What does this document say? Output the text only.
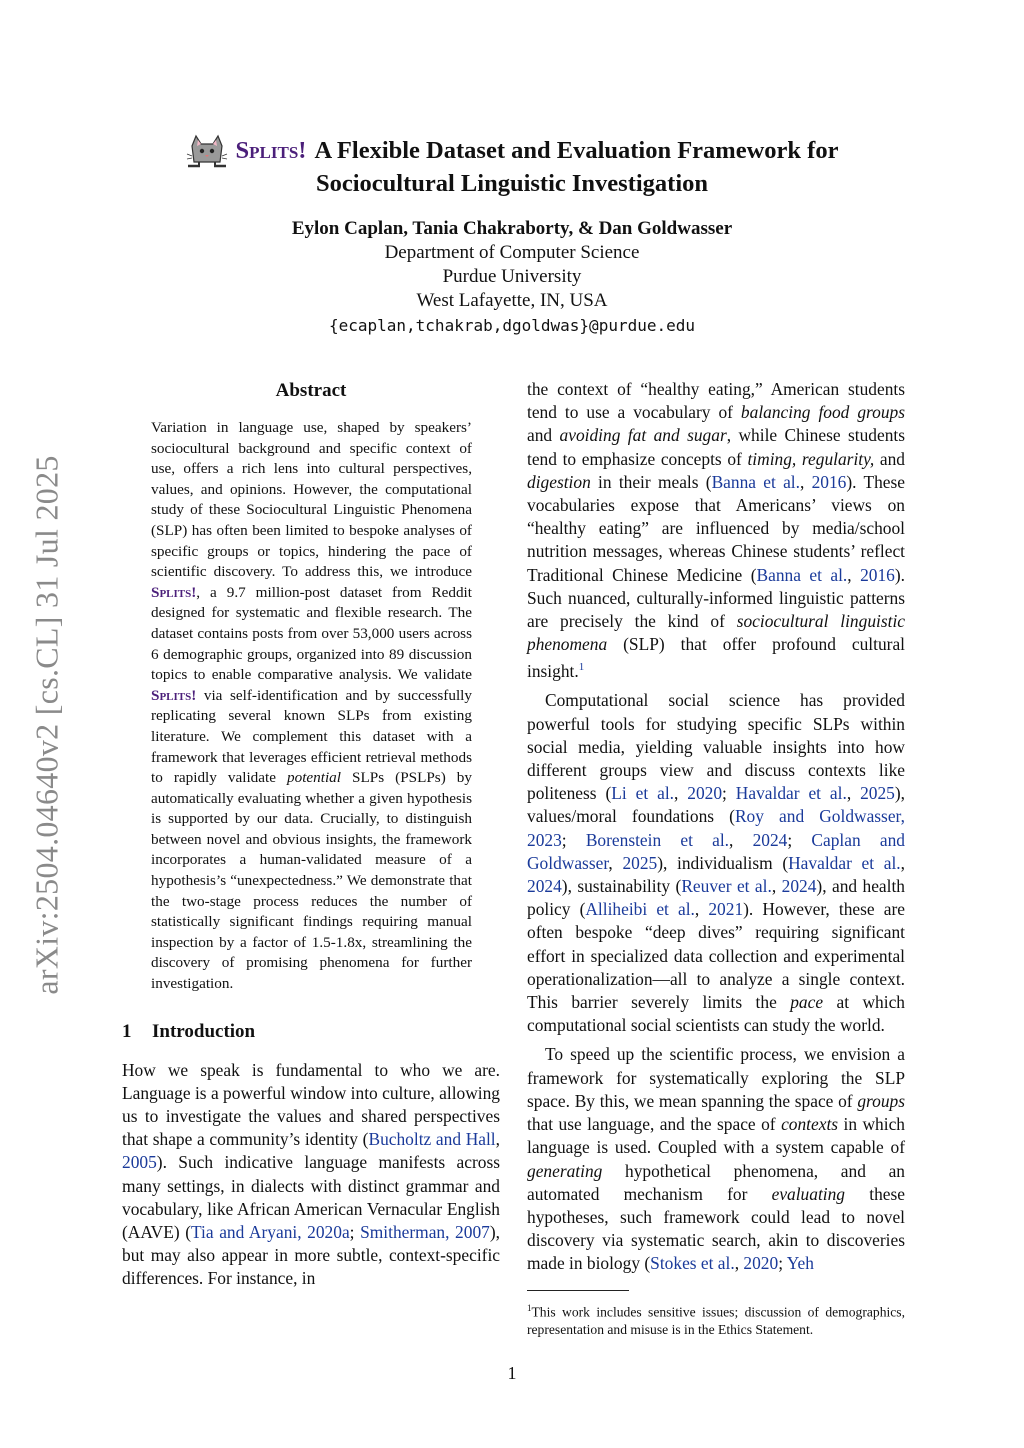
arXiv:2504.04640v2 [cs.CL] 31 Jul 2025
Splits! A Flexible Dataset and Evaluation Framework for
Sociocultural Linguistic Investigation
Eylon Caplan, Tania Chakraborty, & Dan Goldwasser
Department of Computer Science
Purdue University
West Lafayette, IN, USA
{ecaplan,tchakrab,dgoldwas}@purdue.edu
Abstract
Variation in language use, shaped by speakers’ sociocultural background and specific context of use, offers a rich lens into cultural perspectives, values, and opinions. However, the computational study of these Sociocultural Linguistic Phenomena (SLP) has often been limited to bespoke analyses of specific groups or topics, hindering the pace of scientific discovery. To address this, we introduce Splits!, a 9.7 million-post dataset from Reddit designed for systematic and flexible research. The dataset contains posts from over 53,000 users across 6 demographic groups, organized into 89 discussion topics to enable comparative analysis. We validate Splits! via self-identification and by successfully replicating several known SLPs from existing literature. We complement this dataset with a framework that leverages efficient retrieval methods to rapidly validate potential SLPs (PSLPs) by automatically evaluating whether a given hypothesis is supported by our data. Crucially, to distinguish between novel and obvious insights, the framework incorporates a human-validated measure of a hypothesis’s “unexpectedness.” We demonstrate that the two-stage process reduces the number of statistically significant findings requiring manual inspection by a factor of 1.5-1.8x, streamlining the discovery of promising phenomena for further investigation.
1 Introduction

How we speak is fundamental to who we are. Language is a powerful window into culture, allowing us to investigate the values and shared perspectives that shape a community’s identity (Bucholtz and Hall, 2005). Such indicative language manifests across many settings, in dialects with distinct grammar and vocabulary, like African American Vernacular English (AAVE) (Tia and Aryani, 2020a; Smitherman, 2007), but may also appear in more subtle, context-specific differences. For instance, in

the context of “healthy eating,” American students tend to use a vocabulary of balancing food groups and avoiding fat and sugar, while Chinese students tend to emphasize concepts of timing, regularity, and digestion in their meals (Banna et al., 2016). These vocabularies expose that Americans’ views on “healthy eating” are influenced by media/school nutrition messages, whereas Chinese students’ reflect Traditional Chinese Medicine (Banna et al., 2016). Such nuanced, culturally-informed linguistic patterns are precisely the kind of sociocultural linguistic phenomena (SLP) that offer profound cultural insight.$^1$

Computational social science has provided powerful tools for studying specific SLPs within social media, yielding valuable insights into how different groups view and discuss contexts like politeness (Li et al., 2020; Havaldar et al., 2025), values/moral foundations (Roy and Goldwasser, 2023; Borenstein et al., 2024; Caplan and Goldwasser, 2025), individualism (Havaldar et al., 2024), sustainability (Reuver et al., 2024), and health policy (Alliheibi et al., 2021). However, these are often bespoke “deep dives” requiring significant effort in specialized data collection and experimental operationalization—all to analyze a single context. This barrier severely limits the pace at which computational social scientists can study the world.

To speed up the scientific process, we envision a framework for systematically exploring the SLP space. By this, we mean spanning the space of groups that use language, and the space of contexts in which language is used. Coupled with a system capable of generating hypothetical phenomena, and an automated mechanism for evaluating these hypotheses, such framework could lead to novel discovery via systematic search, akin to discoveries made in biology (Stokes et al., 2020; Yeh

$^1$This work includes sensitive issues; discussion of demographics, representation and misuse is in the Ethics Statement.
1
